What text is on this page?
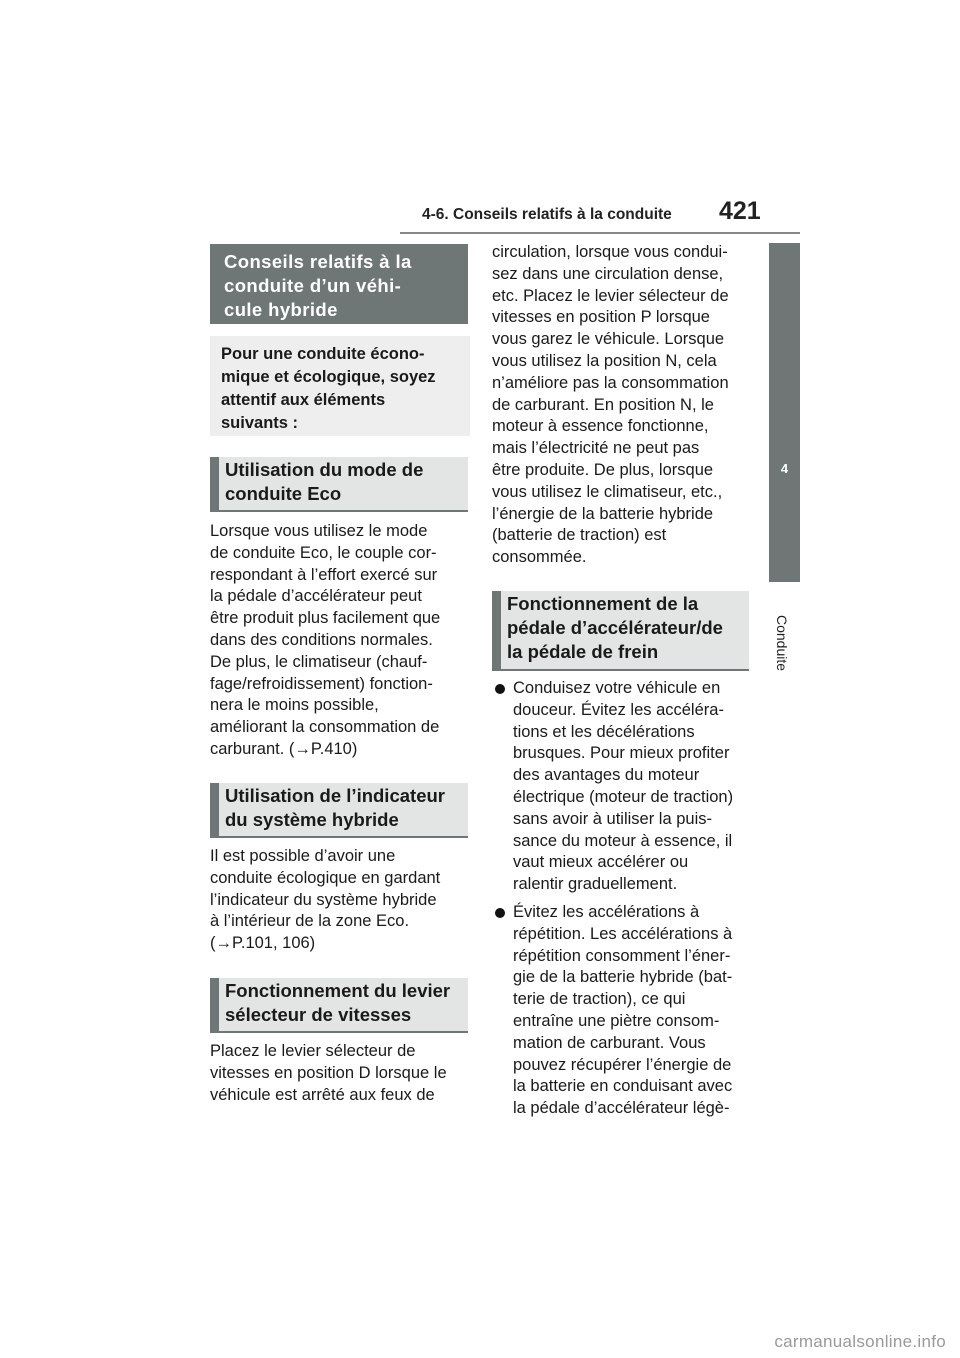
4-6. Conseils relatifs à la conduite 421
4
Conduite
Conseils relatifs à la
conduite d’un véhi-
cule hybride
Pour une conduite écono-
mique et écologique, soyez
attentif aux éléments
suivants :
Utilisation du mode de
conduite Eco
Lorsque vous utilisez le mode
de conduite Eco, le couple cor-
respondant à l’effort exercé sur
la pédale d’accélérateur peut
être produit plus facilement que
dans des conditions normales.
De plus, le climatiseur (chauf-
fage/refroidissement) fonction-
nera le moins possible,
améliorant la consommation de
carburant. (→P.410)
Utilisation de l’indicateur
du système hybride
Il est possible d’avoir une
conduite écologique en gardant
l’indicateur du système hybride
à l’intérieur de la zone Eco.
(→P.101, 106)
Fonctionnement du levier
sélecteur de vitesses
Placez le levier sélecteur de
vitesses en position D lorsque le
véhicule est arrêté aux feux de
circulation, lorsque vous condui-
sez dans une circulation dense,
etc. Placez le levier sélecteur de
vitesses en position P lorsque
vous garez le véhicule. Lorsque
vous utilisez la position N, cela
n’améliore pas la consommation
de carburant. En position N, le
moteur à essence fonctionne,
mais l’électricité ne peut pas
être produite. De plus, lorsque
vous utilisez le climatiseur, etc.,
l’énergie de la batterie hybride
(batterie de traction) est
consommée.
Fonctionnement de la
pédale d’accélérateur/de
la pédale de frein
Conduisez votre véhicule en
douceur. Évitez les accéléra-
tions et les décélérations
brusques. Pour mieux profiter
des avantages du moteur
électrique (moteur de traction)
sans avoir à utiliser la puis-
sance du moteur à essence, il
vaut mieux accélérer ou
ralentir graduellement.
Évitez les accélérations à
répétition. Les accélérations à
répétition consomment l’éner-
gie de la batterie hybride (bat-
terie de traction), ce qui
entraîne une piètre consom-
mation de carburant. Vous
pouvez récupérer l’énergie de
la batterie en conduisant avec
la pédale d’accélérateur légè-
carmanualsonline.info
